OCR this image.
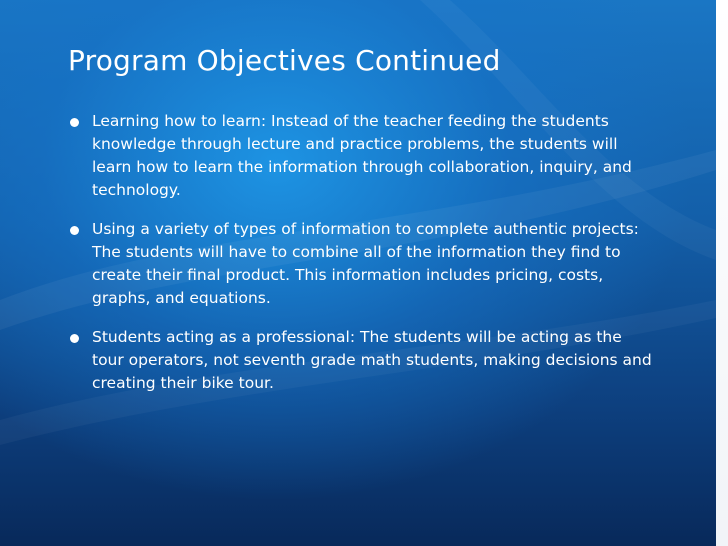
Program Objectives Continued
Learning how to learn: Instead of the teacher feeding the students knowledge through lecture and practice problems, the students will learn how to learn the information through collaboration, inquiry, and technology.
Using a variety of types of information to complete authentic projects: The students will have to combine all of the information they find to create their final product. This information includes pricing, costs, graphs, and equations.
Students acting as a professional: The students will be acting as the tour operators, not seventh grade math students, making decisions and creating their bike tour.
